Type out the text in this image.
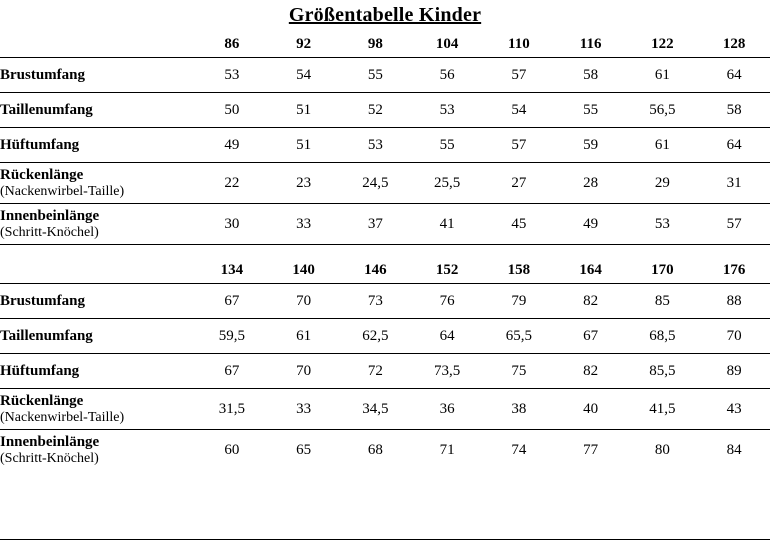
Größentabelle Kinder
	86	92	98	104	110	116	122	128

Brustumfang	53	54	55	56	57	58	61	64

Taillenumfang	50	51	52	53	54	55	56,5	58

Hüftumfang	49	51	53	55	57	59	61	64

Rückenlänge
(Nackenwirbel-Taille)	22	23	24,5	25,5	27	28	29	31

Innenbeinlänge
(Schritt-Knöchel)	30	33	37	41	45	49	53	57

	134	140	146	152	158	164	170	176

Brustumfang	67	70	73	76	79	82	85	88

Taillenumfang	59,5	61	62,5	64	65,5	67	68,5	70

Hüftumfang	67	70	72	73,5	75	82	85,5	89

Rückenlänge
(Nackenwirbel-Taille)	31,5	33	34,5	36	38	40	41,5	43

Innenbeinlänge
(Schritt-Knöchel)	60	65	68	71	74	77	80	84
